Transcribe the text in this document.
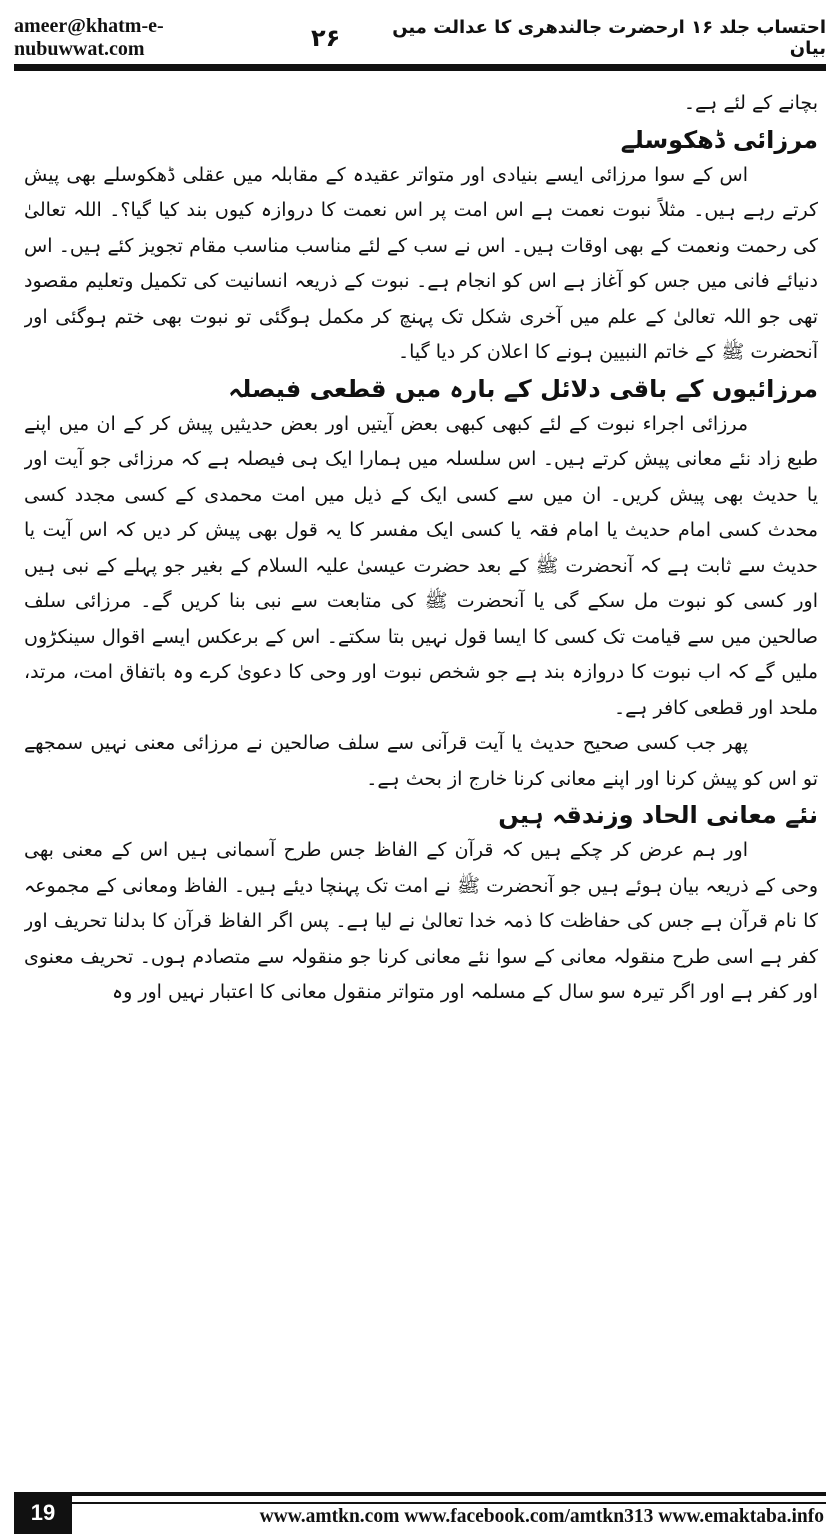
ameer@khatm-e-nubuwwat.com
احتساب جلد ۱۶ ارحضرت جالندھری کا عدالت میں بیان
۲۶

بچانے کے لئے ہے۔

مرزائی ڈھکوسلے

اس کے سوا مرزائی ایسے بنیادی اور متواتر عقیدہ کے مقابلہ میں عقلی ڈھکوسلے بھی پیش کرتے رہے ہیں۔ مثلاً نبوت نعمت ہے اس امت پر اس نعمت کا دروازہ کیوں بند کیا گیا؟۔ اللہ تعالیٰ کی رحمت ونعمت کے بھی اوقات ہیں۔ اس نے سب کے لئے مناسب مناسب مقام تجویز کئے ہیں۔ اس دنیائے فانی میں جس کو آغاز ہے اس کو انجام ہے۔ نبوت کے ذریعہ انسانیت کی تکمیل وتعلیم مقصود تھی جو اللہ تعالیٰ کے علم میں آخری شکل تک پہنچ کر مکمل ہوگئی تو نبوت بھی ختم ہوگئی اور آنحضرت ﷺ کے خاتم النبیین ہونے کا اعلان کر دیا گیا۔

مرزائیوں کے باقی دلائل کے بارہ میں قطعی فیصلہ

مرزائی اجراء نبوت کے لئے کبھی کبھی بعض آیتیں اور بعض حدیثیں پیش کر کے ان میں اپنے طبع زاد نئے معانی پیش کرتے ہیں۔ اس سلسلہ میں ہمارا ایک ہی فیصلہ ہے کہ مرزائی جو آیت اور یا حدیث بھی پیش کریں۔ ان میں سے کسی ایک کے ذیل میں امت محمدی کے کسی مجدد کسی محدث کسی امام حدیث یا امام فقہ یا کسی ایک مفسر کا یہ قول بھی پیش کر دیں کہ اس آیت یا حدیث سے ثابت ہے کہ آنحضرت ﷺ کے بعد حضرت عیسیٰ علیہ السلام کے بغیر جو پہلے کے نبی ہیں اور کسی کو نبوت مل سکے گی یا آنحضرت ﷺ کی متابعت سے نبی بنا کریں گے۔ مرزائی سلف صالحین میں سے قیامت تک کسی کا ایسا قول نہیں بتا سکتے۔ اس کے برعکس ایسے اقوال سینکڑوں ملیں گے کہ اب نبوت کا دروازہ بند ہے جو شخص نبوت اور وحی کا دعویٰ کرے وہ باتفاق امت، مرتد، ملحد اور قطعی کافر ہے۔

پھر جب کسی صحیح حدیث یا آیت قرآنی سے سلف صالحین نے مرزائی معنی نہیں سمجھے تو اس کو پیش کرنا اور اپنے معانی کرنا خارج از بحث ہے۔

نئے معانی الحاد وزندقہ ہیں

اور ہم عرض کر چکے ہیں کہ قرآن کے الفاظ جس طرح آسمانی ہیں اس کے معنی بھی وحی کے ذریعہ بیان ہوئے ہیں جو آنحضرت ﷺ نے امت تک پہنچا دیئے ہیں۔ الفاظ ومعانی کے مجموعہ کا نام قرآن ہے جس کی حفاظت کا ذمہ خدا تعالیٰ نے لیا ہے۔ پس اگر الفاظ قرآن کا بدلنا تحریف اور کفر ہے اسی طرح منقولہ معانی کے سوا نئے معانی کرنا جو منقولہ سے متصادم ہوں۔ تحریف معنوی اور کفر ہے اور اگر تیرہ سو سال کے مسلمہ اور متواتر منقول معانی کا اعتبار نہیں اور وہ

19	www.amtkn.com www.facebook.com/amtkn313 www.emaktaba.info
